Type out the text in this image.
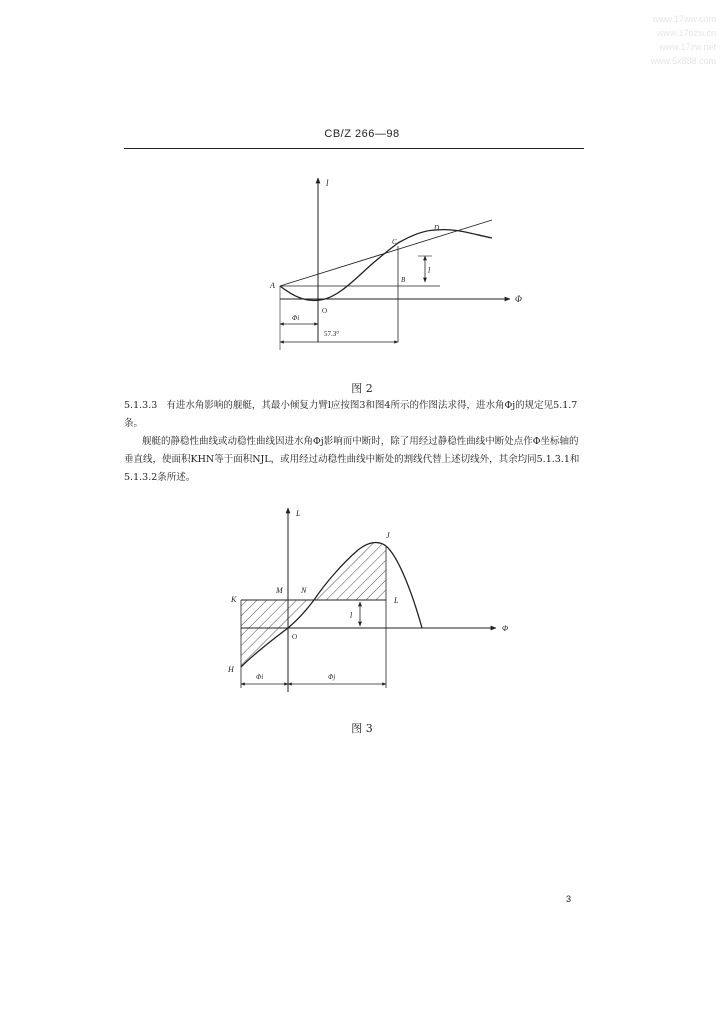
www.17ww.com
www.17bzw.cn
www.17zw.net
www.5x888.com
CB/Z 266—98
l
Φ
l
A
O
B
C
D
Φi
57.3°
图 2

5.1.3.3 有进水角影响的舰艇，其最小倾复力臂l应按图3和图4所示的作图法求得，进水角Φj的规定见5.1.7条。

舰艇的静稳性曲线或动稳性曲线因进水角Φj影响而中断时，除了用经过静稳性曲线中断处点作Φ坐标轴的垂直线，使面积KHN等于面积NJL，或用经过动稳性曲线中断处的割线代替上述切线外，其余均同5.1.3.1和5.1.3.2条所述。

L
Φ
l
K
M N
J
L
O
H
Φi	Φj
图 3
3
